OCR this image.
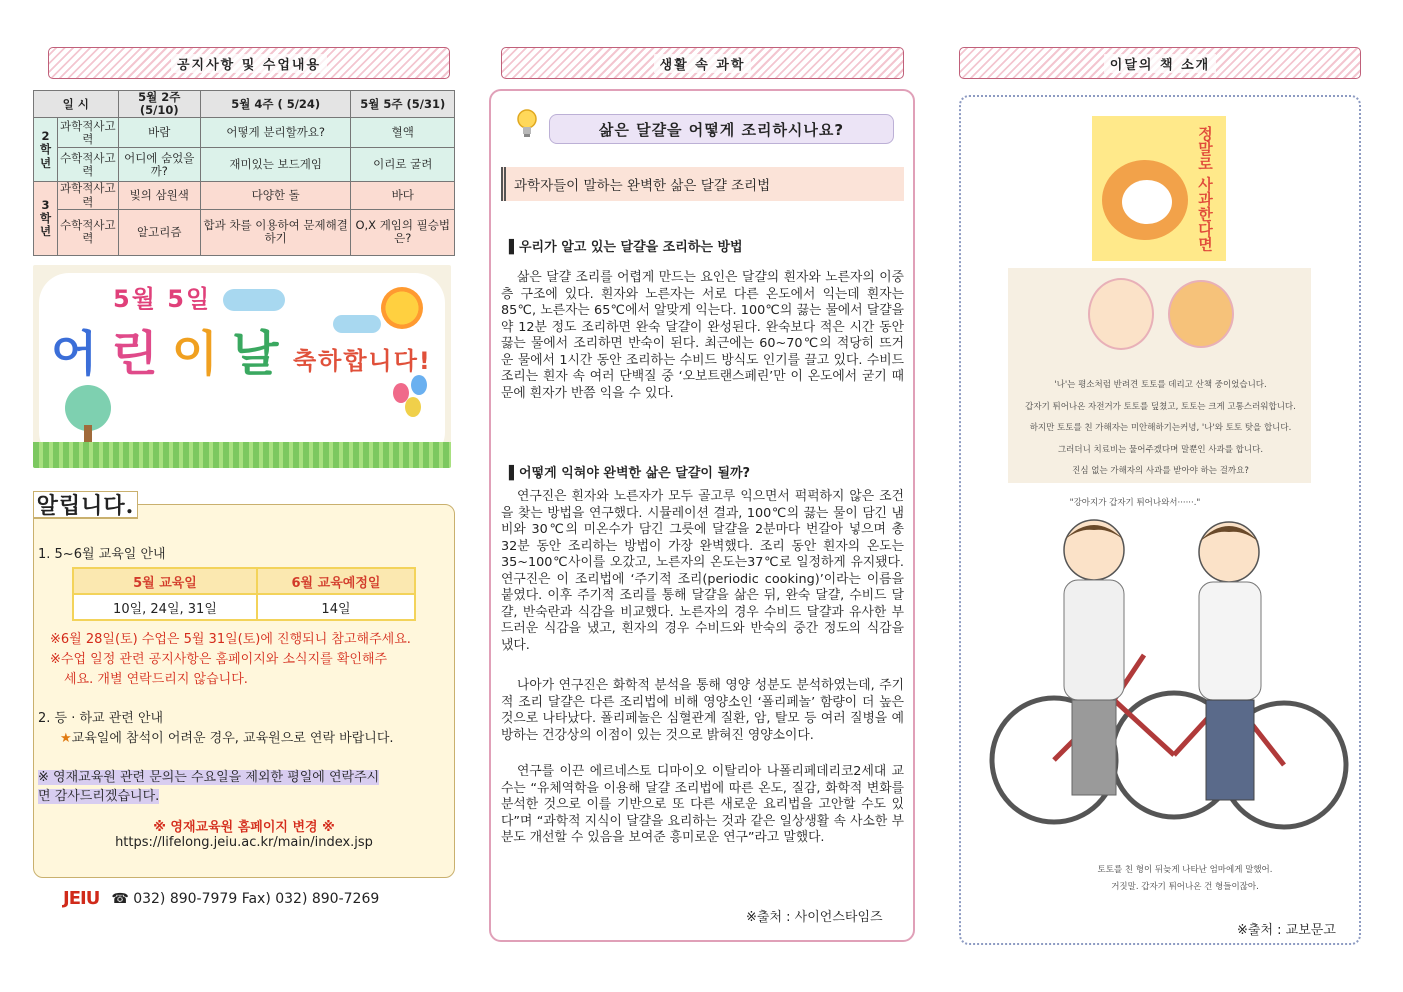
공지사항 및 수업내용	생활 속 과학	이달의 책 소개
일 시		5월 2주 (5/10)	5월 4주 ( 5/24)	5월 5주 (5/31)
2 학 년	과학적사고력	바람	어떻게 분리할까요?	혈액
	수학적사고력	어디에 숨었을까?	재미있는 보드게임	이리로 굴려
3 학 년	과학적사고력	빛의 삼원색	다양한 돌	바다
	수학적사고력	알고리즘	합과 차를 이용하여 문제해결하기	O,X 게임의 필승법은?
5월 5일
어린이날 축하합니다!
알립니다.
1. 5~6월 교육일 안내
5월 교육일	6월 교육예정일
10일, 24일, 31일	14일
※6월 28일(토) 수업은 5월 31일(토)에 진행되니 참고해주세요.
※수업 일정 관련 공지사항은 홈페이지와 소식지를 확인해주
세요. 개별 연락드리지 않습니다.
2. 등 · 하교 관련 안내
★교육일에 참석이 어려운 경우, 교육원으로 연락 바랍니다.
※ 영재교육원 관련 문의는 수요일을 제외한 평일에 연락주시
면 감사드리겠습니다.
※ 영재교육원 홈페이지 변경 ※
https://lifelong.jeiu.ac.kr/main/index.jsp
JEIU ☎ 032) 890-7979 Fax) 032) 890-7269
삶은 달걀을 어떻게 조리하시나요?
과학자들이 말하는 완벽한 삶은 달걀 조리법
▌우리가 알고 있는 달걀을 조리하는 방법
삶은 달걀 조리를 어렵게 만드는 요인은 달걀의 흰자와 노른자의 이중 층 구조에 있다. 흰자와 노른자는 서로 다른 온도에서 익는데 흰자는 85℃, 노른자는 65℃에서 알맞게 익는다. 100℃의 끓는 물에서 달걀을 약 12분 정도 조리하면 완숙 달걀이 완성된다. 완숙보다 적은 시간 동안 끓는 물에서 조리하면 반숙이 된다. 최근에는 60~70℃의 적당히 뜨거운 물에서 1시간 동안 조리하는 수비드 방식도 인기를 끌고 있다. 수비드 조리는 흰자 속 여러 단백질 중 ‘오보트랜스페린’만 이 온도에서 굳기 때문에 흰자가 반쯤 익을 수 있다.
▌어떻게 익혀야 완벽한 삶은 달걀이 될까?
연구진은 흰자와 노른자가 모두 골고루 익으면서 퍽퍽하지 않은 조건을 찾는 방법을 연구했다. 시뮬레이션 결과, 100℃의 끓는 물이 담긴 냄비와 30℃의 미온수가 담긴 그릇에 달걀을 2분마다 번갈아 넣으며 총 32분 동안 조리하는 방법이 가장 완벽했다. 조리 동안 흰자의 온도는 35~100℃사이를 오갔고, 노른자의 온도는37℃로 일정하게 유지됐다. 연구진은 이 조리법에 ‘주기적 조리(periodic cooking)’이라는 이름을 붙였다. 이후 주기적 조리를 통해 달걀을 삶은 뒤, 완숙 달걀, 수비드 달걀, 반숙란과 식감을 비교했다. 노른자의 경우 수비드 달걀과 유사한 부드러운 식감을 냈고, 흰자의 경우 수비드와 반숙의 중간 정도의 식감을 냈다.
나아가 연구진은 화학적 분석을 통해 영양 성분도 분석하였는데, 주기적 조리 달걀은 다른 조리법에 비해 영양소인 ‘폴리페놀’ 함량이 더 높은 것으로 나타났다. 폴리페놀은 심혈관계 질환, 암, 탈모 등 여러 질병을 예방하는 건강상의 이점이 있는 것으로 밝혀진 영양소이다.
연구를 이끈 에르네스토 디마이오 이탈리아 나폴리페데리코2세대 교수는 “유체역학을 이용해 달걀 조리법에 따른 온도, 질감, 화학적 변화를 분석한 것으로 이를 기반으로 또 다른 새로운 요리법을 고안할 수도 있다”며 “과학적 지식이 달걀을 요리하는 것과 같은 일상생활 속 사소한 부분도 개선할 수 있음을 보여준 흥미로운 연구”라고 말했다.
※출처 : 사이언스타임즈
정말로 사과한다면
'나'는 평소처럼 반려견 토토를 데리고 산책 중이었습니다.
갑자기 튀어나온 자전거가 토토를 덮쳤고, 토토는 크게 고통스러워합니다.
하지만 토토를 친 가해자는 미안해하기는커녕, '나'와 토토 탓을 합니다.
그러더니 치료비는 물어주겠다며 말뿐인 사과를 합니다.
진심 없는 가해자의 사과를 받아야 하는 걸까요?
"강아지가 갑자기 튀어나와서······."
토토를 친 형이 뒤늦게 나타난 엄마에게 말했어.
거짓말. 갑자기 튀어나온 건 형들이잖아.
※출처 : 교보문고
